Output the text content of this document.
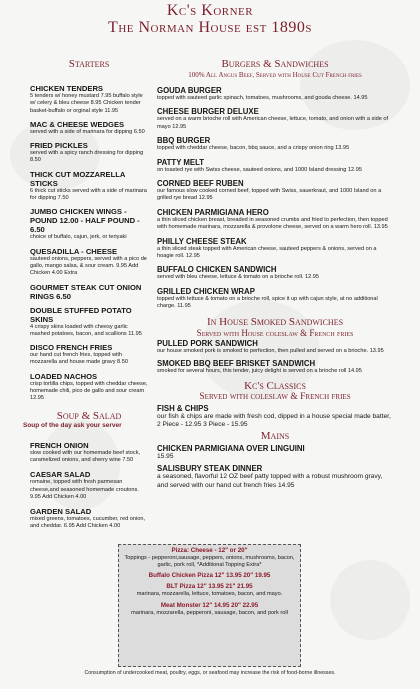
Kc's Korner
The Norman House est 1890s
Starters
CHICKEN TENDERS
5 tenders w/ honey mustard 7.95 buffalo style w/ celery & bleu cheese 8.95 Chicken tender basket-buffalo or orginal style 11.95
MAC & CHEESE WEDGES
served with a side of marinara for dipping 6.50
FRIED PICKLES
served with a spicy ranch dressing for dipping 8.50
THICK CUT MOZZARELLA STICKS
6 thick cut sticks served with a side of marinara for dipping 7.50
JUMBO CHICKEN WINGS - POUND 12.00 - HALF POUND - 6.50
choice of buffalo, cajun, jerk, or teriyaki
QUESADILLA - CHEESE
sauteed onions, peppers, served with a pico de gallo, mango salsa, & sour cream. 9.95 Add Chicken 4.00 Extra
GOURMET STEAK CUT ONION RINGS 6.50
DOUBLE STUFFED POTATO SKINS
4 crispy skins loaded with cheesy garlic mashed potatoes, bacon, and scallions 11.95
DISCO FRENCH FRIES
our hand cut french fries, topped with mozzarella and house made gravy 8.50
LOADED NACHOS
crisp tortilla chips, topped with cheddar cheese, homemade chili, pico de gallo and sour cream 12.95
Soup & Salad
Soup of the day ask your server
FRENCH ONION
slow cooked with our homemade beef stock, caramelized onions, and sherry wine 7.50
CAESAR SALAD
romaine, topped with fresh parmesan cheese,and seasoned homemade croutons. 9.95 Add Chicken 4.00
GARDEN SALAD
mixed greens, tomatoes, cucumber, red onion, and cheddar. 6.95 Add Chicken 4.00
Burgers & Sandwiches
100% All Angus Beef, Served with House Cut French fries
GOUDA BURGER
topped with sauteed garlic spinach, tomatoes, mushrooms, and gouda cheese. 14.95
CHEESE BURGER DELUXE
served on a warm brioche roll with American cheese, lettuce, tomato, and onion with a side of mayo 12.95
BBQ BURGER
topped with cheddar cheese, bacon, bbq sauce, and a crispy onion ring 13.95
PATTY MELT
on toasted rye with Swiss cheese, sauteed onions, and 1000 Island dressing 12.95
CORNED BEEF RUBEN
our famous slow cooked corned beef, topped with Swiss, sauerkraut, and 1000 Island on a grilled rye bread 12.95
CHICKEN PARMIGIANA HERO
a thin sliced chicken breast, breaded in seasoned crumbs and fried to perfection, then topped with homemade marinara, mozzarella & provolone cheese, served on a warm hero roll. 13.95
PHILLY CHEESE STEAK
a thin sliced steak topped with American cheese, sauteed peppers & onions, served on a hoagie roll. 12.95
BUFFALO CHICKEN SANDWICH
served with bleu cheese, lettuce & tomato on a brioche roll. 12.95
GRILLED CHICKEN WRAP
topped with lettuce & tomato on a brioche roll, spice it up with cajun style, at no additional charge. 11.95
In House Smoked Sandwiches
Served with House coleslaw & French fries
PULLED PORK SANDWICH
our house smoked pork is smoked to perfection, then pulled and served on a brioche. 13.95
SMOKED BBQ BEEF BRISKET SANDWICH
smoked for several hours, this tender, juicy delight is served on a brioche roll 14.95
Kc's Classics
Served with coleslaw & French fries
FISH & CHIPS
our fish & chips are made with fresh cod, dipped in a house special made batter, 2 Piece - 12.95 3 Piece - 15.95
Mains
CHICKEN PARMIGIANA OVER LINGUINI
15.95
SALISBURY STEAK DINNER
a seasoned, flavorful 12 OZ beef patty topped with a robust mushroom gravy, and served with our hand cut french fries 14.95
Pizza: Cheese - 12" or 20"
Toppings - pepperoni,sausage, peppers, onions, mushrooms, bacon, garlic, pork roll, *Additional Topping Extra*
Buffalo Chicken Pizza 12" 13.95 20" 19.95
BLT Pizza 12" 13.95 21" 21.95
marinara, mozzarella, lettuce, tomatoes, bacon, and mayo.
Meat Monster 12" 14.95 20" 22.95
marinara, mozzarella, pepperoni, sausage, bacon, and pork roll
Consumption of undercooked meat, poultry, eggs, or seafood may increase the risk of food-borne illnesses.
